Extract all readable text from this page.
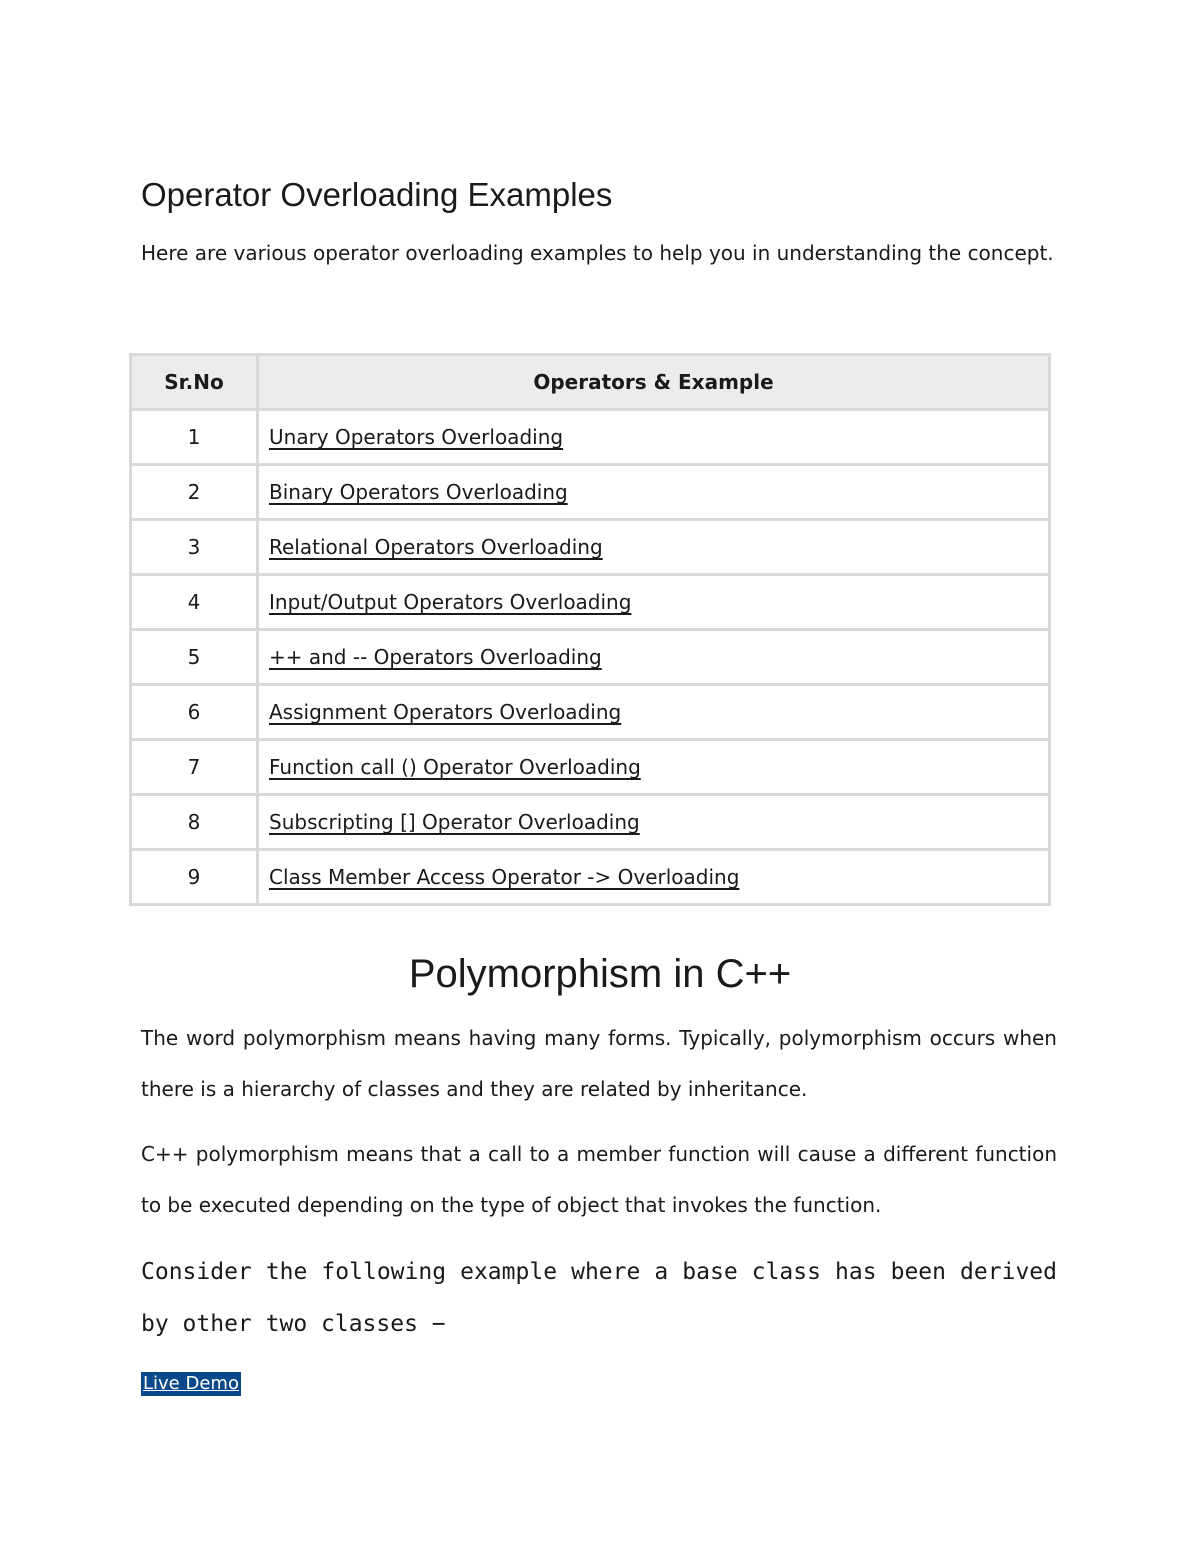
Operator Overloading Examples

Here are various operator overloading examples to help you in understanding the concept.

Sr.No	Operators & Example
1	Unary Operators Overloading
2	Binary Operators Overloading
3	Relational Operators Overloading
4	Input/Output Operators Overloading
5	++ and -- Operators Overloading
6	Assignment Operators Overloading
7	Function call () Operator Overloading
8	Subscripting [] Operator Overloading
9	Class Member Access Operator -> Overloading
Polymorphism in C++

The word polymorphism means having many forms. Typically, polymorphism occurs when there is a hierarchy of classes and they are related by inheritance.

C++ polymorphism means that a call to a member function will cause a different function to be executed depending on the type of object that invokes the function.

Consider the following example where a base class has been derived by other two classes −

Live Demo
